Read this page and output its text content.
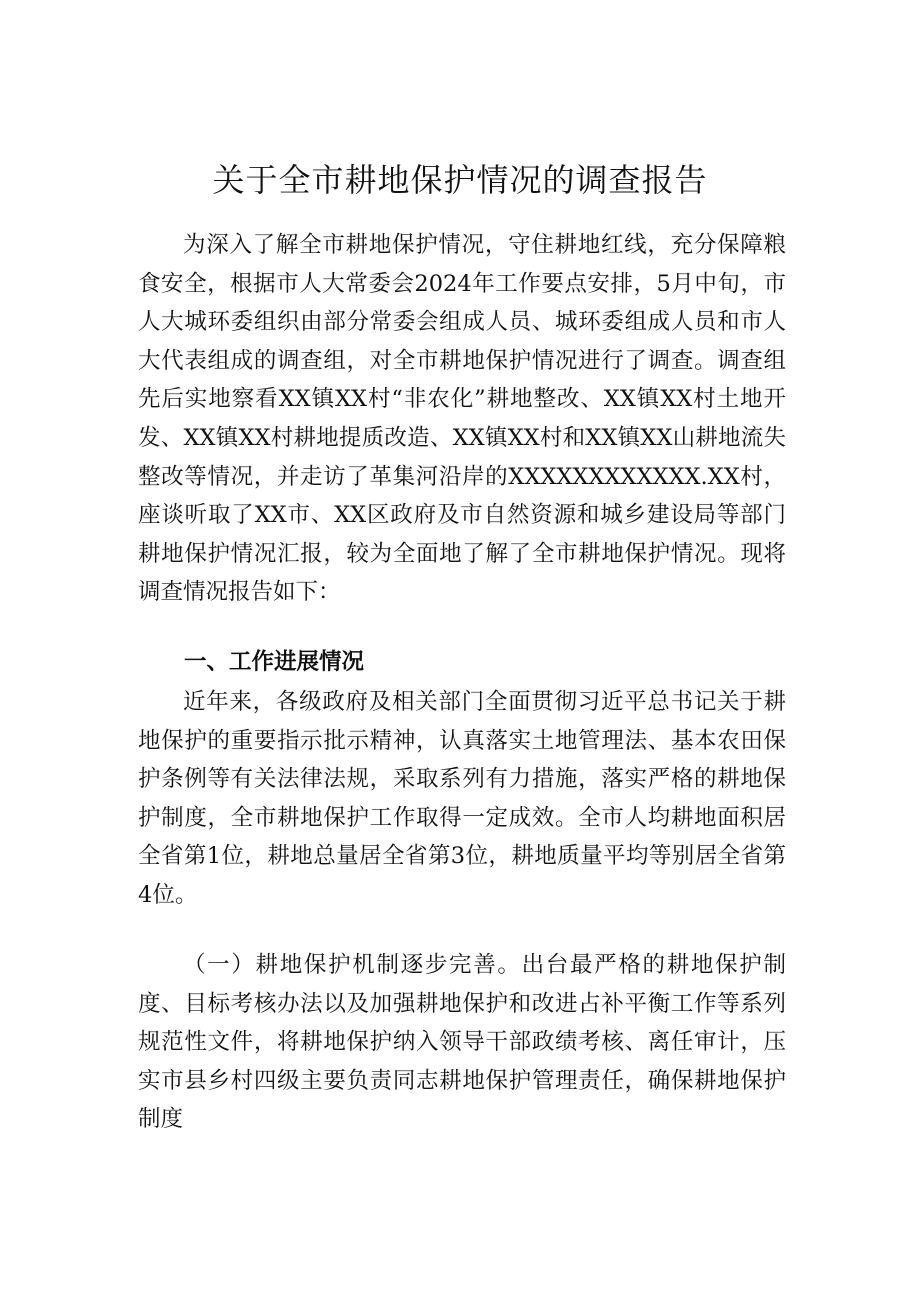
关于全市耕地保护情况的调查报告

为深入了解全市耕地保护情况，守住耕地红线，充分保障粮食安全，根据市人大常委会2024年工作要点安排，5月中旬，市人大城环委组织由部分常委会组成人员、城环委组成人员和市人大代表组成的调查组，对全市耕地保护情况进行了调查。调查组先后实地察看XX镇XX村“非农化”耕地整改、XX镇XX村土地开发、XX镇XX村耕地提质改造、XX镇XX村和XX镇XX山耕地流失整改等情况，并走访了革集河沿岸的XXXXXXXXXXXX.XX村，座谈听取了XX市、XX区政府及市自然资源和城乡建设局等部门耕地保护情况汇报，较为全面地了解了全市耕地保护情况。现将调查情况报告如下：

一、工作进展情况

近年来，各级政府及相关部门全面贯彻习近平总书记关于耕地保护的重要指示批示精神，认真落实土地管理法、基本农田保护条例等有关法律法规，采取系列有力措施，落实严格的耕地保护制度，全市耕地保护工作取得一定成效。全市人均耕地面积居全省第1位，耕地总量居全省第3位，耕地质量平均等别居全省第4位。

（一）耕地保护机制逐步完善。出台最严格的耕地保护制度、目标考核办法以及加强耕地保护和改进占补平衡工作等系列规范性文件，将耕地保护纳入领导干部政绩考核、离任审计，压实市县乡村四级主要负责同志耕地保护管理责任，确保耕地保护制度
